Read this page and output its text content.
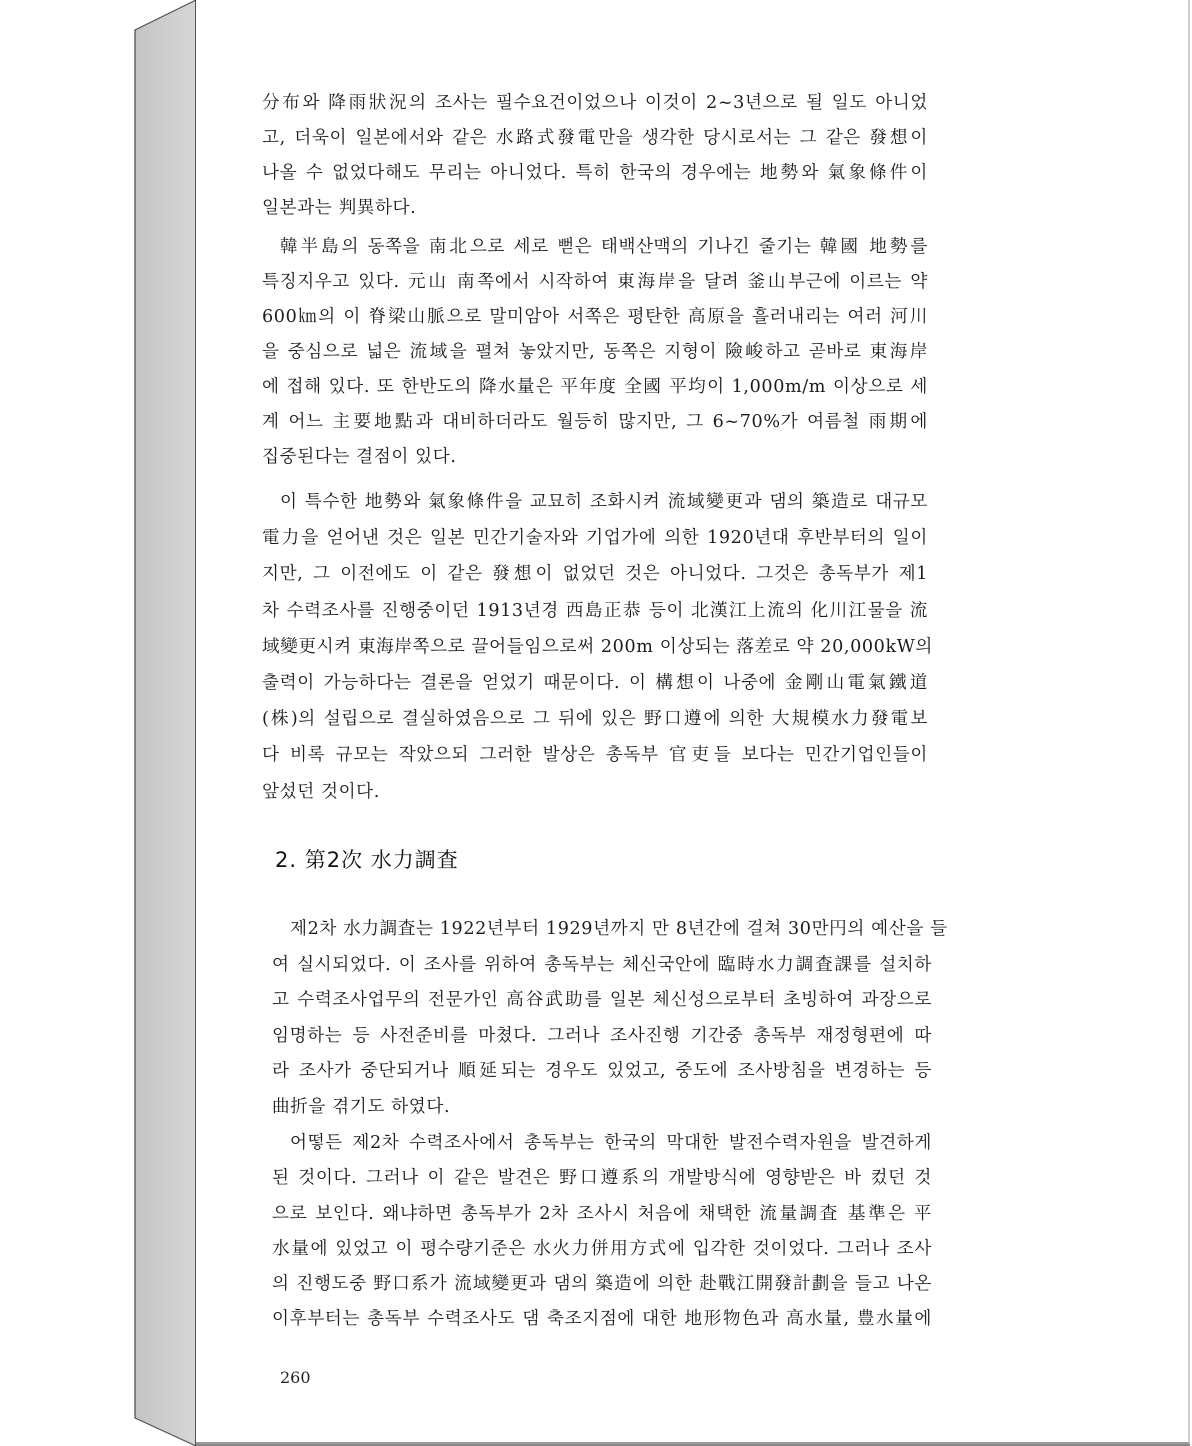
分布와 降雨狀況의 조사는 필수요건이었으나 이것이 2~3년으로 될 일도 아니었
고, 더욱이 일본에서와 같은 水路式發電만을 생각한 당시로서는 그 같은 發想이
나올 수 없었다해도 무리는 아니었다. 특히 한국의 경우에는 地勢와 氣象條件이
일본과는 判異하다.
韓半島의 동쪽을 南北으로 세로 뻗은 태백산맥의 기나긴 줄기는 韓國 地勢를
특징지우고 있다. 元山 南쪽에서 시작하여 東海岸을 달려 釜山부근에 이르는 약
600㎞의 이 脊梁山脈으로 말미암아 서쪽은 평탄한 高原을 흘러내리는 여러 河川
을 중심으로 넓은 流域을 펼쳐 놓았지만, 동쪽은 지형이 險峻하고 곧바로 東海岸
에 접해 있다. 또 한반도의 降水量은 平年度 全國 平均이 1,000m/m 이상으로 세
계 어느 主要地點과 대비하더라도 월등히 많지만, 그 6~70%가 여름철 雨期에
집중된다는 결점이 있다.
이 특수한 地勢와 氣象條件을 교묘히 조화시켜 流域變更과 댐의 築造로 대규모
電力을 얻어낸 것은 일본 민간기술자와 기업가에 의한 1920년대 후반부터의 일이
지만, 그 이전에도 이 같은 發想이 없었던 것은 아니었다. 그것은 총독부가 제1
차 수력조사를 진행중이던 1913년경 西島正恭 등이 北漢江上流의 化川江물을 流
域變更시켜 東海岸쪽으로 끌어들임으로써 200m 이상되는 落差로 약 20,000kW의
출력이 가능하다는 결론을 얻었기 때문이다. 이 構想이 나중에 金剛山電氣鐵道
(株)의 설립으로 결실하였음으로 그 뒤에 있은 野口遵에 의한 大規模水力發電보
다 비록 규모는 작았으되 그러한 발상은 총독부 官吏들 보다는 민간기업인들이
앞섰던 것이다.
2. 第2次 水力調査
제2차 水力調査는 1922년부터 1929년까지 만 8년간에 걸쳐 30만円의 예산을 들
여 실시되었다. 이 조사를 위하여 총독부는 체신국안에 臨時水力調査課를 설치하
고 수력조사업무의 전문가인 高谷武助를 일본 체신성으로부터 초빙하여 과장으로
임명하는 등 사전준비를 마쳤다. 그러나 조사진행 기간중 총독부 재정형편에 따
라 조사가 중단되거나 順延되는 경우도 있었고, 중도에 조사방침을 변경하는 등
曲折을 겪기도 하였다.
어떻든 제2차 수력조사에서 총독부는 한국의 막대한 발전수력자원을 발견하게
된 것이다. 그러나 이 같은 발견은 野口遵系의 개발방식에 영향받은 바 컸던 것
으로 보인다. 왜냐하면 총독부가 2차 조사시 처음에 채택한 流量調査 基準은 平
水量에 있었고 이 평수량기준은 水火力併用方式에 입각한 것이었다. 그러나 조사
의 진행도중 野口系가 流域變更과 댐의 築造에 의한 赴戰江開發計劃을 들고 나온
이후부터는 총독부 수력조사도 댐 축조지점에 대한 地形物色과 高水量, 豊水量에
260
